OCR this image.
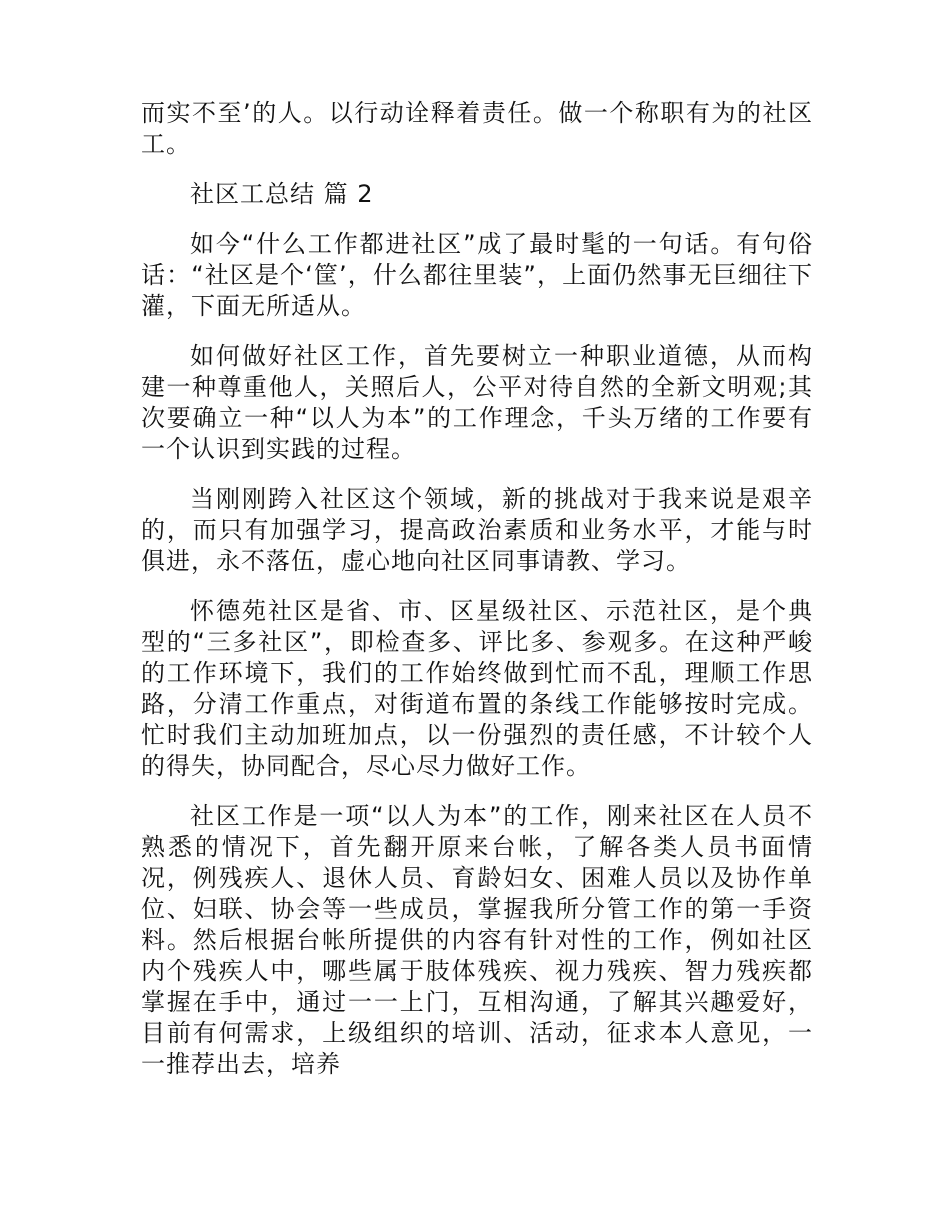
而实不至’的人。以行动诠释着责任。做一个称职有为的社区工。

社区工总结 篇 2

如今“什么工作都进社区”成了最时髦的一句话。有句俗话：“社区是个‘筐’，什么都往里装”，上面仍然事无巨细往下灌，下面无所适从。

如何做好社区工作，首先要树立一种职业道德，从而构建一种尊重他人，关照后人，公平对待自然的全新文明观;其次要确立一种“以人为本”的工作理念，千头万绪的工作要有一个认识到实践的过程。

当刚刚跨入社区这个领域，新的挑战对于我来说是艰辛的，而只有加强学习，提高政治素质和业务水平，才能与时俱进，永不落伍，虚心地向社区同事请教、学习。

怀德苑社区是省、市、区星级社区、示范社区，是个典型的“三多社区”，即检查多、评比多、参观多。在这种严峻的工作环境下，我们的工作始终做到忙而不乱，理顺工作思路，分清工作重点，对街道布置的条线工作能够按时完成。忙时我们主动加班加点，以一份强烈的责任感，不计较个人的得失，协同配合，尽心尽力做好工作。

社区工作是一项“以人为本”的工作，刚来社区在人员不熟悉的情况下，首先翻开原来台帐，了解各类人员书面情况，例残疾人、退休人员、育龄妇女、困难人员以及协作单位、妇联、协会等一些成员，掌握我所分管工作的第一手资料。然后根据台帐所提供的内容有针对性的工作，例如社区内个残疾人中，哪些属于肢体残疾、视力残疾、智力残疾都掌握在手中，通过一一上门，互相沟通，了解其兴趣爱好，目前有何需求，上级组织的培训、活动，征求本人意见，一一推荐出去，培养
